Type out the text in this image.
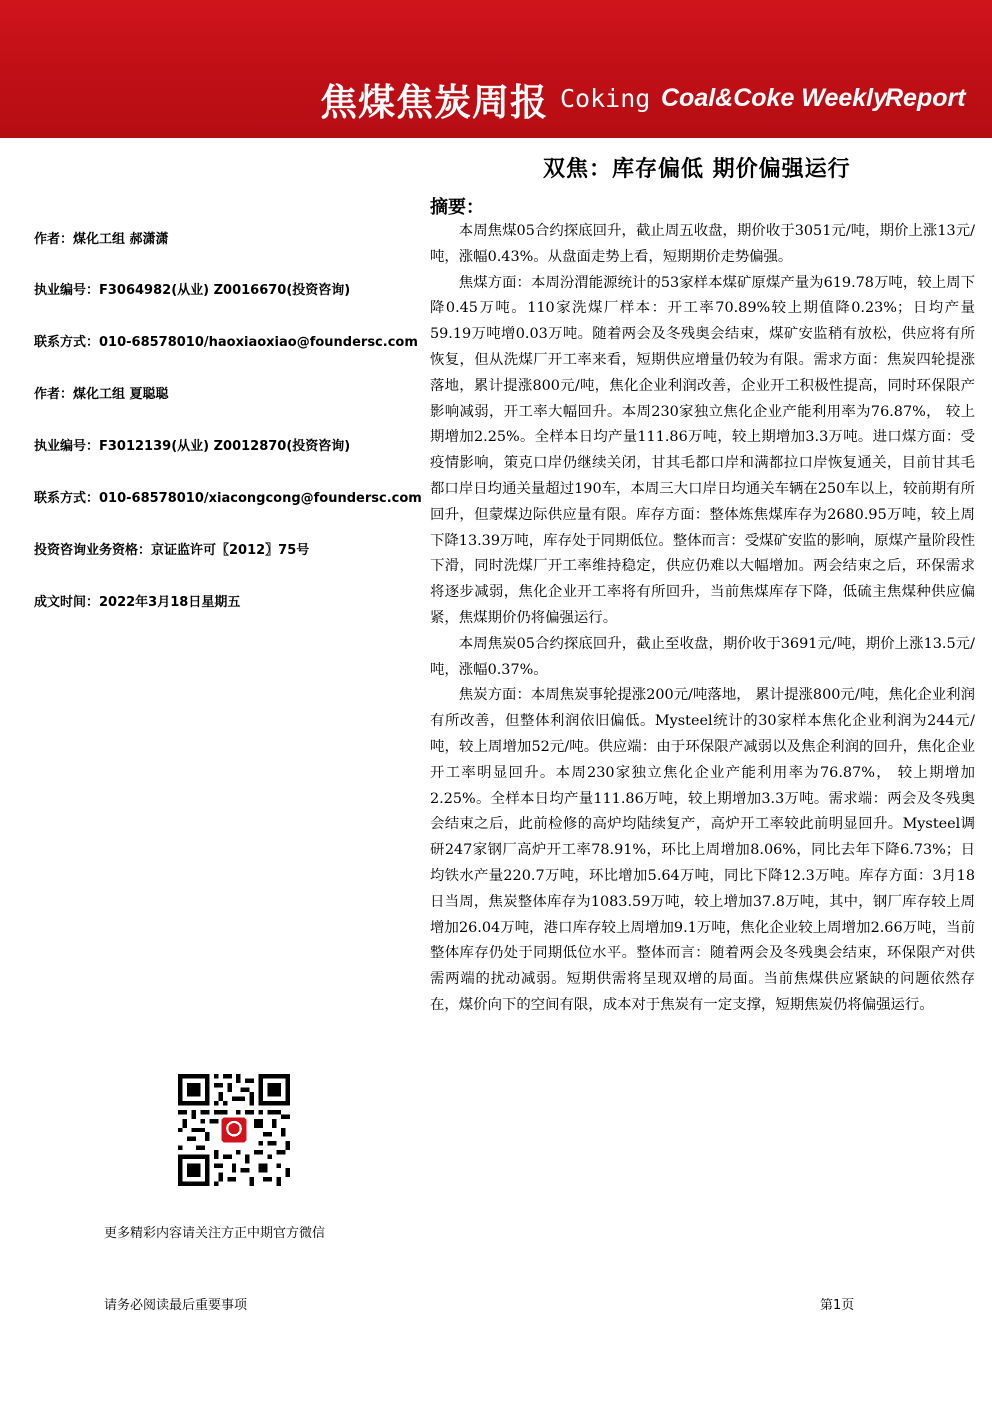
焦煤焦炭周报 Coking Coal&Coke Weekly
Report
双焦：库存偏低 期价偏强运行
作者：煤化工组 郝潇潇
执业编号：F3064982(从业) Z0016670(投资咨询)
联系方式：010-68578010/haoxiaoxiao@foundersc.com
作者：煤化工组 夏聪聪
执业编号：F3012139(从业) Z0012870(投资咨询)
联系方式：010-68578010/xiacongcong@foundersc.com
投资咨询业务资格：京证监许可〖2012〗75号
成文时间：2022年3月18日星期五
摘要：

本周焦煤05合约探底回升，截止周五收盘，期价收于3051元/吨，期价上涨13元/吨，涨幅0.43%。从盘面走势上看，短期期价走势偏强。

焦煤方面：本周汾渭能源统计的53家样本煤矿原煤产量为619.78万吨，较上周下降0.45万吨。110家洗煤厂样本：开工率70.89%较上期值降0.23%；日均产量59.19万吨增0.03万吨。随着两会及冬残奥会结束，煤矿安监稍有放松，供应将有所恢复，但从洗煤厂开工率来看，短期供应增量仍较为有限。需求方面：焦炭四轮提涨落地，累计提涨800元/吨，焦化企业利润改善，企业开工积极性提高，同时环保限产影响减弱，开工率大幅回升。本周230家独立焦化企业产能利用率为76.87%， 较上期增加2.25%。全样本日均产量111.86万吨，较上期增加3.3万吨。进口煤方面：受疫情影响，策克口岸仍继续关闭，甘其毛都口岸和满都拉口岸恢复通关，目前甘其毛都口岸日均通关量超过190车，本周三大口岸日均通关车辆在250车以上，较前期有所回升，但蒙煤边际供应量有限。库存方面：整体炼焦煤库存为2680.95万吨，较上周下降13.39万吨，库存处于同期低位。整体而言：受煤矿安监的影响，原煤产量阶段性下滑，同时洗煤厂开工率维持稳定，供应仍难以大幅增加。两会结束之后，环保需求将逐步减弱，焦化企业开工率将有所回升，当前焦煤库存下降，低硫主焦煤种供应偏紧，焦煤期价仍将偏强运行。

本周焦炭05合约探底回升，截止至收盘，期价收于3691元/吨，期价上涨13.5元/吨，涨幅0.37%。

焦炭方面：本周焦炭事轮提涨200元/吨落地， 累计提涨800元/吨，焦化企业利润有所改善，但整体利润依旧偏低。Mysteel统计的30家样本焦化企业利润为244元/吨，较上周增加52元/吨。供应端：由于环保限产减弱以及焦企利润的回升，焦化企业开工率明显回升。本周230家独立焦化企业产能利用率为76.87%， 较上期增加2.25%。全样本日均产量111.86万吨，较上期增加3.3万吨。需求端：两会及冬残奥会结束之后，此前检修的高炉均陆续复产，高炉开工率较此前明显回升。Mysteel调研247家钢厂高炉开工率78.91%，环比上周增加8.06%，同比去年下降6.73%；日均铁水产量220.7万吨，环比增加5.64万吨，同比下降12.3万吨。库存方面：3月18日当周，焦炭整体库存为1083.59万吨，较上增加37.8万吨，其中，钢厂库存较上周增加26.04万吨，港口库存较上周增加9.1万吨，焦化企业较上周增加2.66万吨，当前整体库存仍处于同期低位水平。整体而言：随着两会及冬残奥会结束，环保限产对供需两端的扰动减弱。短期供需将呈现双增的局面。当前焦煤供应紧缺的问题依然存在，煤价向下的空间有限，成本对于焦炭有一定支撑，短期焦炭仍将偏强运行。

更多精彩内容请关注方正中期官方微信
请务必阅读最后重要事项	第1页
